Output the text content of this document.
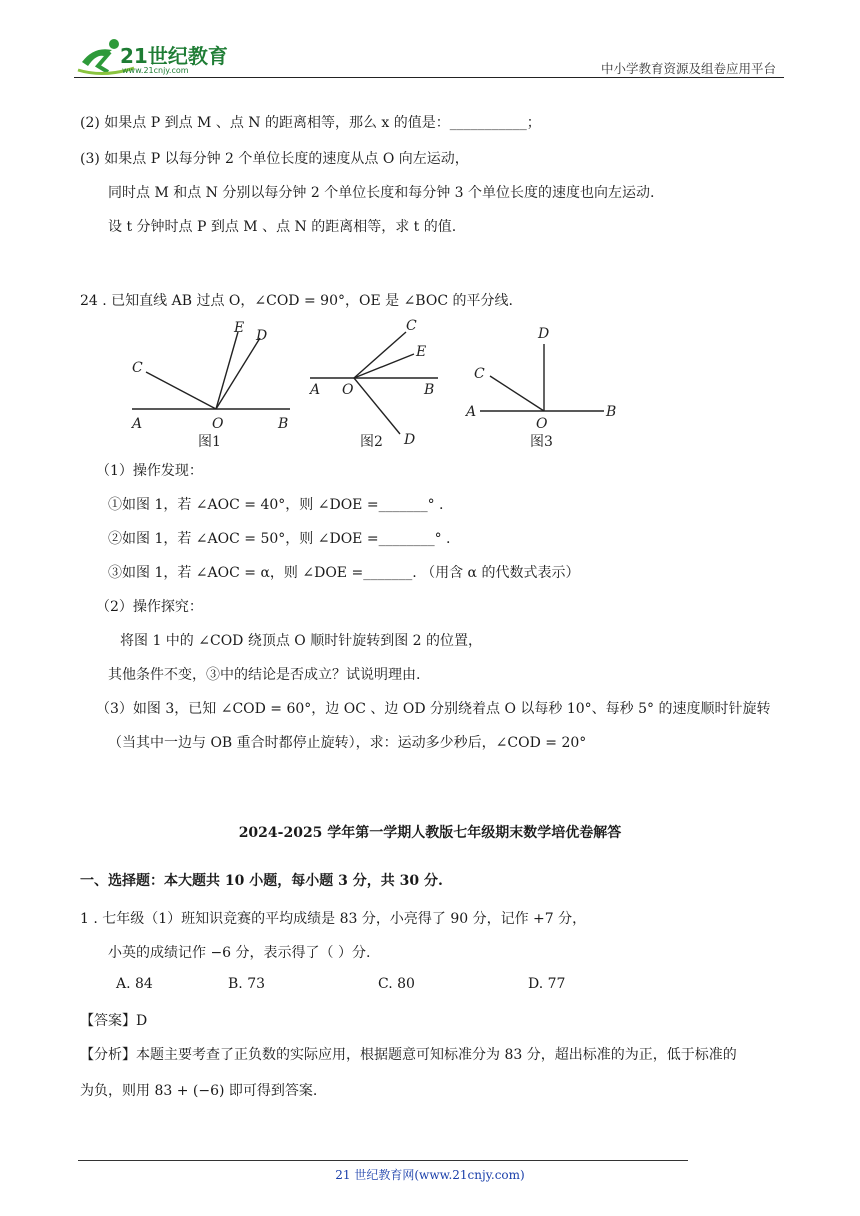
21世纪教育
www.21cnjy.com	中小学教育资源及组卷应用平台
(2) 如果点 P 到点 M 、点 N 的距离相等，那么 x 的值是：___________；
(3) 如果点 P 以每分钟 2 个单位长度的速度从点 O 向左运动，
同时点 M 和点 N 分别以每分钟 2 个单位长度和每分钟 3 个单位长度的速度也向左运动.
设 t 分钟时点 P 到点 M 、点 N 的距离相等，求 t 的值.
24 . 已知直线 AB 过点 O，∠COD = 90°，OE 是 ∠BOC 的平分线.
C
E D
A	O	B
图1
C
E
A O	B
D
图2
D
C
A	B
O
图3
（1）操作发现：
①如图 1，若 ∠AOC = 40°，则 ∠DOE =_______° .
②如图 1，若 ∠AOC = 50°，则 ∠DOE =________° .
③如图 1，若 ∠AOC = α，则 ∠DOE =_______. （用含 α 的代数式表示）
（2）操作探究：
将图 1 中的 ∠COD 绕顶点 O 顺时针旋转到图 2 的位置，
其他条件不变，③中的结论是否成立？试说明理由.
（3）如图 3，已知 ∠COD = 60°，边 OC 、边 OD 分别绕着点 O 以每秒 10°、每秒 5° 的速度顺时针旋转
（当其中一边与 OB 重合时都停止旋转），求：运动多少秒后，∠COD = 20°
2024-2025 学年第一学期人教版七年级期末数学培优卷解答
一、选择题：本大题共 10 小题，每小题 3 分，共 30 分.
1 . 七年级（1）班知识竞赛的平均成绩是 83 分，小亮得了 90 分，记作 +7 分，
小英的成绩记作 −6 分，表示得了（ ）分.
A. 84	B. 73	C. 80	D. 77
【答案】D
【分析】本题主要考查了正负数的实际应用，根据题意可知标准分为 83 分，超出标准的为正，低于标准的
为负，则用 83 + (−6) 即可得到答案.
21 世纪教育网(www.21cnjy.com)
